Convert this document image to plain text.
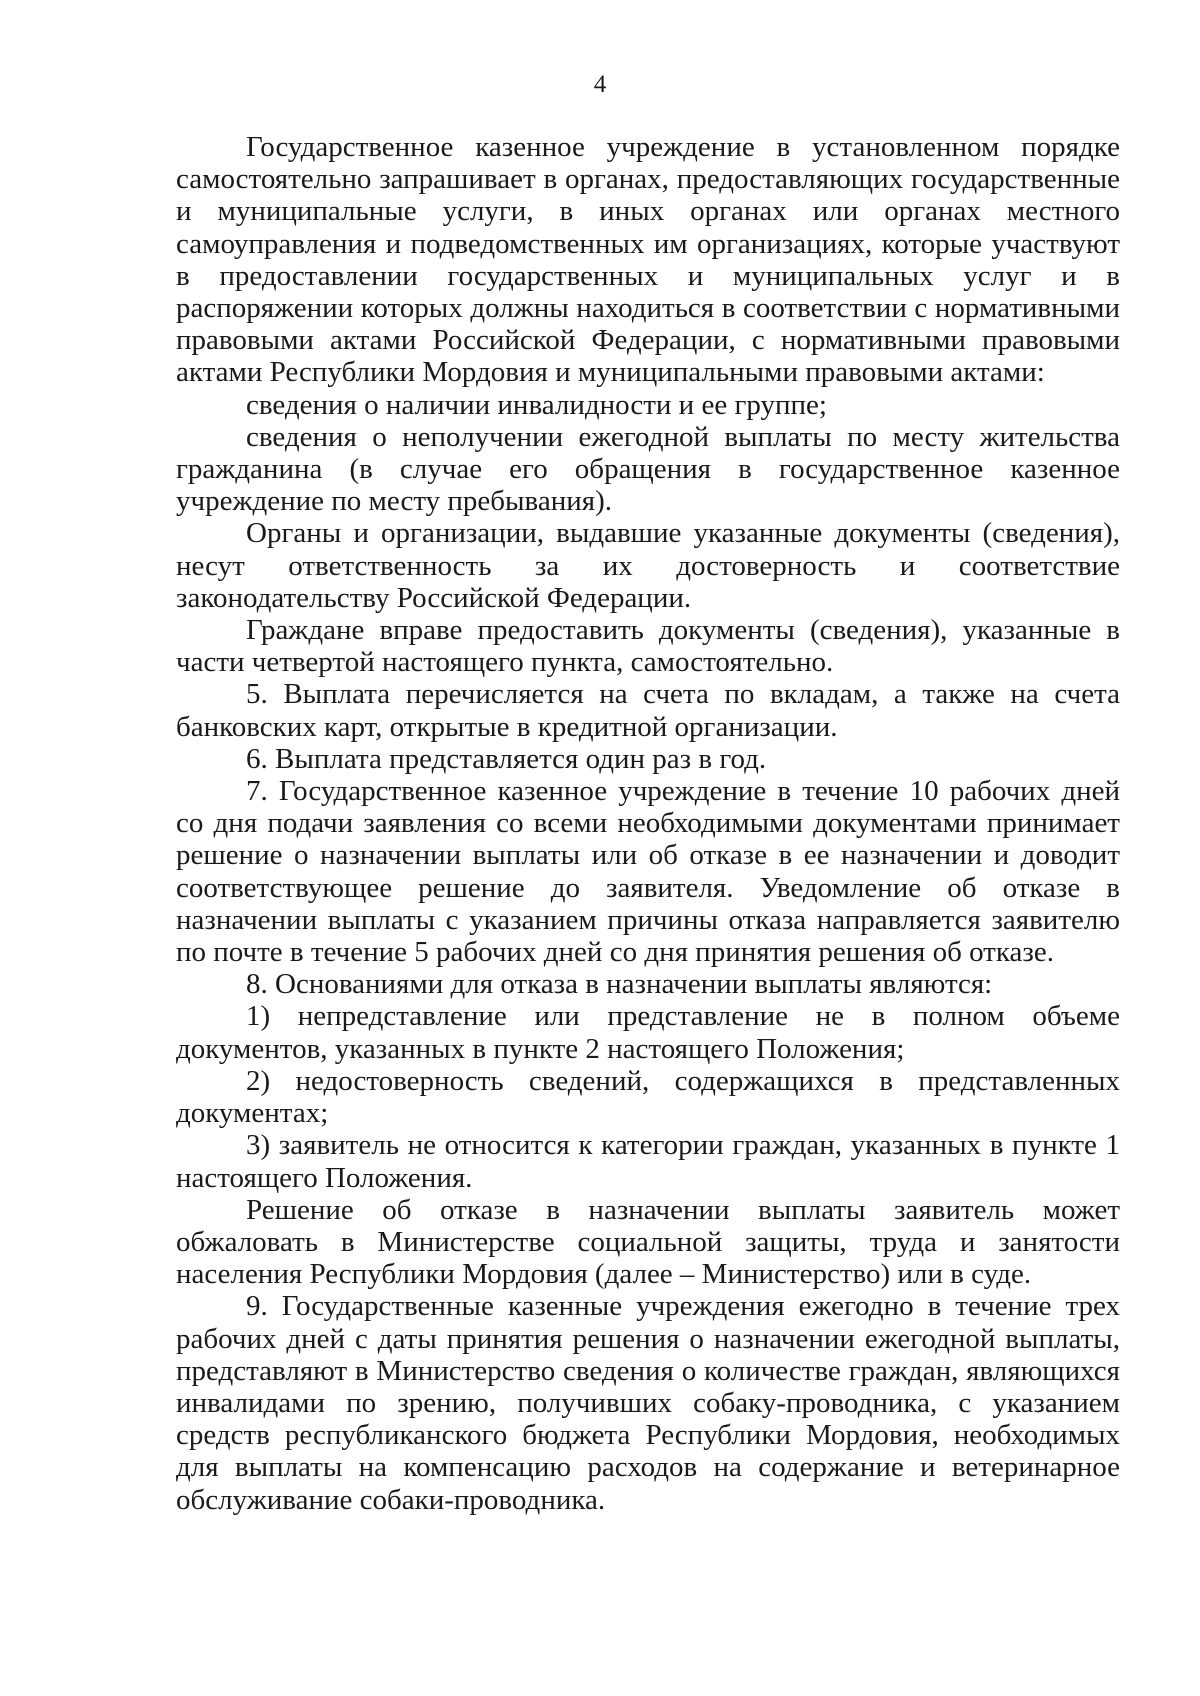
4

Государственное казенное учреждение в установленном порядке самостоятельно запрашивает в органах, предоставляющих государственные и муниципальные услуги, в иных органах или органах местного самоуправления и подведомственных им организациях, которые участвуют в предоставлении государственных и муниципальных услуг и в распоряжении которых должны находиться в соответствии с нормативными правовыми актами Российской Федерации, с нормативными правовыми актами Республики Мордовия и муниципальными правовыми актами:

сведения о наличии инвалидности и ее группе;

сведения о неполучении ежегодной выплаты по месту жительства гражданина (в случае его обращения в государственное казенное учреждение по месту пребывания).

Органы и организации, выдавшие указанные документы (сведения), несут ответственность за их достоверность и соответствие законодательству Российской Федерации.

Граждане вправе предоставить документы (сведения), указанные в части четвертой настоящего пункта, самостоятельно.

5. Выплата перечисляется на счета по вкладам, а также на счета банковских карт, открытые в кредитной организации.

6. Выплата представляется один раз в год.

7. Государственное казенное учреждение в течение 10 рабочих дней со дня подачи заявления со всеми необходимыми документами принимает решение о назначении выплаты или об отказе в ее назначении и доводит соответствующее решение до заявителя. Уведомление об отказе в назначении выплаты с указанием причины отказа направляется заявителю по почте в течение 5 рабочих дней со дня принятия решения об отказе.

8. Основаниями для отказа в назначении выплаты являются:

1) непредставление или представление не в полном объеме документов, указанных в пункте 2 настоящего Положения;

2) недостоверность сведений, содержащихся в представленных документах;

3) заявитель не относится к категории граждан, указанных в пункте 1 настоящего Положения.

Решение об отказе в назначении выплаты заявитель может обжаловать в Министерстве социальной защиты, труда и занятости населения Республики Мордовия (далее – Министерство) или в суде.

9. Государственные казенные учреждения ежегодно в течение трех рабочих дней с даты принятия решения о назначении ежегодной выплаты, представляют в Министерство сведения о количестве граждан, являющихся инвалидами по зрению, получивших собаку-проводника, с указанием средств республиканского бюджета Республики Мордовия, необходимых для выплаты на компенсацию расходов на содержание и ветеринарное обслуживание собаки-проводника.
